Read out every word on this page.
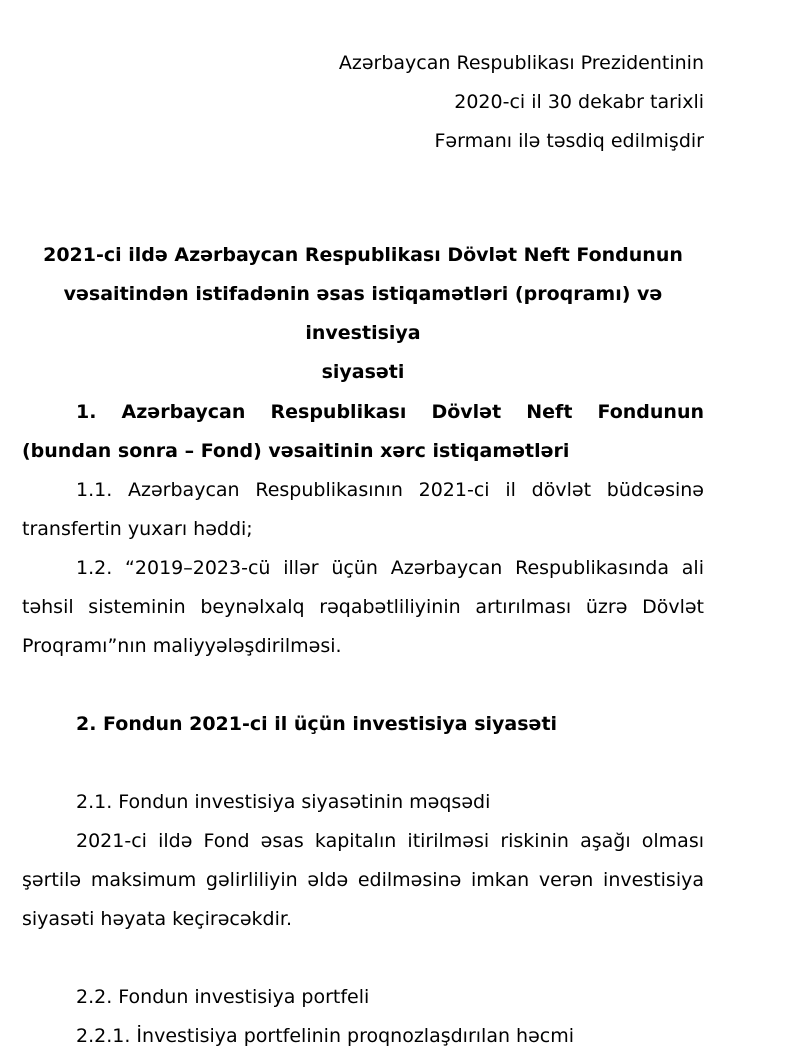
Azərbaycan Respublikası Prezidentinin
2020-ci il 30 dekabr tarixli
Fərmanı ilə təsdiq edilmişdir
2021-ci ildə Azərbaycan Respublikası Dövlət Neft Fondunun
vəsaitindən istifadənin əsas istiqamətləri (proqramı) və investisiya
siyasəti

1. Azərbaycan Respublikası Dövlət Neft Fondunun (bundan sonra – Fond) vəsaitinin xərc istiqamətləri

1.1. Azərbaycan Respublikasının 2021-ci il dövlət büdcəsinə transfertin yuxarı həddi;

1.2. “2019–2023-cü illər üçün Azərbaycan Respublikasında ali təhsil sisteminin beynəlxalq rəqabətliliyinin artırılması üzrə Dövlət Proqramı”nın maliyyələşdirilməsi.

2. Fondun 2021-ci il üçün investisiya siyasəti

2.1. Fondun investisiya siyasətinin məqsədi

2021-ci ildə Fond əsas kapitalın itirilməsi riskinin aşağı olması şərtilə maksimum gəlirliliyin əldə edilməsinə imkan verən investisiya siyasəti həyata keçirəcəkdir.

2.2. Fondun investisiya portfeli

2.2.1. İnvestisiya portfelinin proqnozlaşdırılan həcmi
